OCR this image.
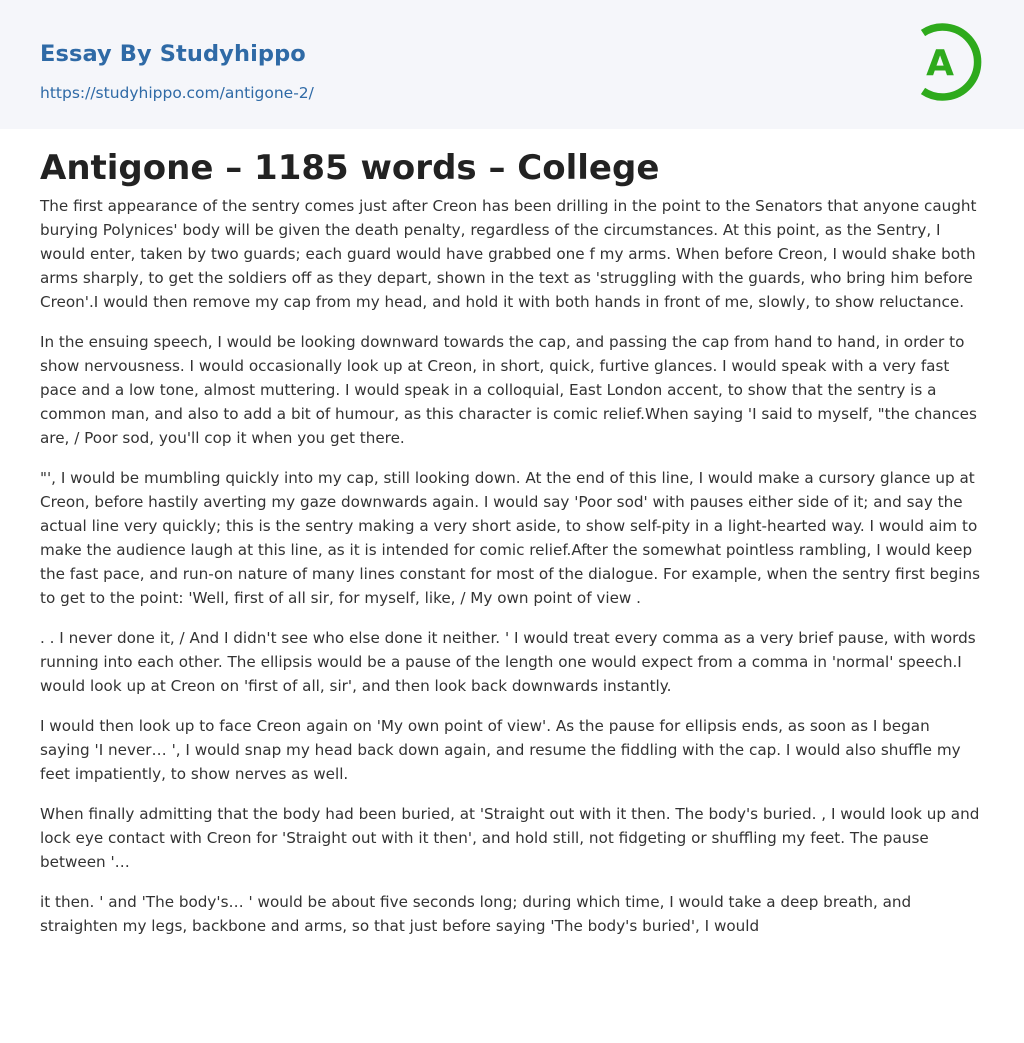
Essay By Studyhippo
https://studyhippo.com/antigone-2/
A
Antigone – 1185 words – College

The first appearance of the sentry comes just after Creon has been drilling in the point to the Senators that anyone caught burying Polynices' body will be given the death penalty, regardless of the circumstances. At this point, as the Sentry, I would enter, taken by two guards; each guard would have grabbed one f my arms. When before Creon, I would shake both arms sharply, to get the soldiers off as they depart, shown in the text as 'struggling with the guards, who bring him before Creon'.I would then remove my cap from my head, and hold it with both hands in front of me, slowly, to show reluctance.

In the ensuing speech, I would be looking downward towards the cap, and passing the cap from hand to hand, in order to show nervousness. I would occasionally look up at Creon, in short, quick, furtive glances. I would speak with a very fast pace and a low tone, almost muttering. I would speak in a colloquial, East London accent, to show that the sentry is a common man, and also to add a bit of humour, as this character is comic relief.When saying 'I said to myself, "the chances are, / Poor sod, you'll cop it when you get there.

"', I would be mumbling quickly into my cap, still looking down. At the end of this line, I would make a cursory glance up at Creon, before hastily averting my gaze downwards again. I would say 'Poor sod' with pauses either side of it; and say the actual line very quickly; this is the sentry making a very short aside, to show self-pity in a light-hearted way. I would aim to make the audience laugh at this line, as it is intended for comic relief.After the somewhat pointless rambling, I would keep the fast pace, and run-on nature of many lines constant for most of the dialogue. For example, when the sentry first begins to get to the point: 'Well, first of all sir, for myself, like, / My own point of view .

. . I never done it, / And I didn't see who else done it neither. ' I would treat every comma as a very brief pause, with words running into each other. The ellipsis would be a pause of the length one would expect from a comma in 'normal' speech.I would look up at Creon on 'first of all, sir', and then look back downwards instantly.

I would then look up to face Creon again on 'My own point of view'. As the pause for ellipsis ends, as soon as I began saying 'I never… ', I would snap my head back down again, and resume the fiddling with the cap. I would also shuffle my feet impatiently, to show nerves as well.

When finally admitting that the body had been buried, at 'Straight out with it then. The body's buried. , I would look up and lock eye contact with Creon for 'Straight out with it then', and hold still, not fidgeting or shuffling my feet. The pause between '…

it then. ' and 'The body's… ' would be about five seconds long; during which time, I would take a deep breath, and straighten my legs, backbone and arms, so that just before saying 'The body's buried', I would
